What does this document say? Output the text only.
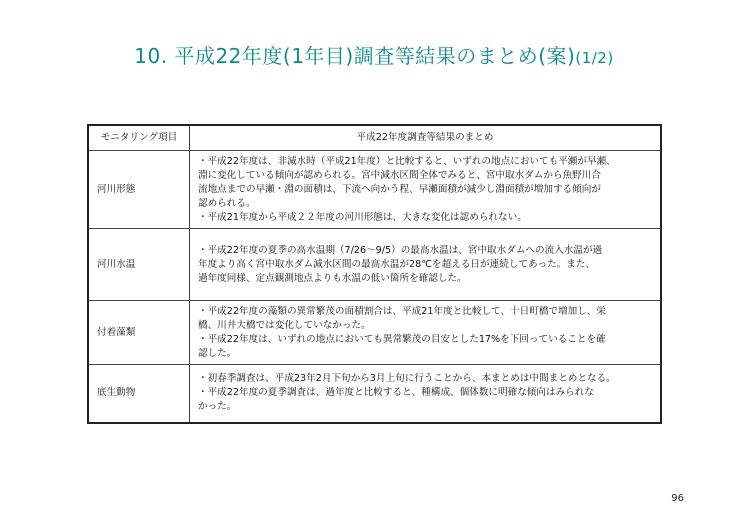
10. 平成22年度(1年目)調査等結果のまとめ(案)(1/2)
モニタリング項目	平成22年度調査等結果のまとめ
河川形態	・平成22年度は、非減水時（平成21年度）と比較すると、いずれの地点においても平瀬が早瀬、
淵に変化している傾向が認められる。宮中減水区間全体でみると、宮中取水ダムから魚野川合
流地点までの早瀬・淵の面積は、下流へ向かう程、早瀬面積が減少し淵面積が増加する傾向が
認められる。
・平成21年度から平成２２年度の河川形態は、大きな変化は認められない。

河川水温	・平成22年度の夏季の高水温期（7/26～9/5）の最高水温は、宮中取水ダムへの流入水温が過
年度より高く宮中取水ダム減水区間の最高水温が28℃を超える日が連続してあった。また、
過年度同様、定点観測地点よりも水温の低い箇所を確認した。

付着藻類	・平成22年度の藻類の異常繁茂の面積割合は、平成21年度と比較して、十日町橋で増加し、栄
橋、川井大橋では変化していなかった。
・平成22年度は、いずれの地点においても異常繁茂の目安とした17%を下回っていることを確
認した。

底生動物	・初春季調査は、平成23年2月下旬から3月上旬に行うことから、本まとめは中間まとめとなる。
・平成22年度の夏季調査は、過年度と比較すると、種構成、個体数に明確な傾向はみられな
かった。
96
